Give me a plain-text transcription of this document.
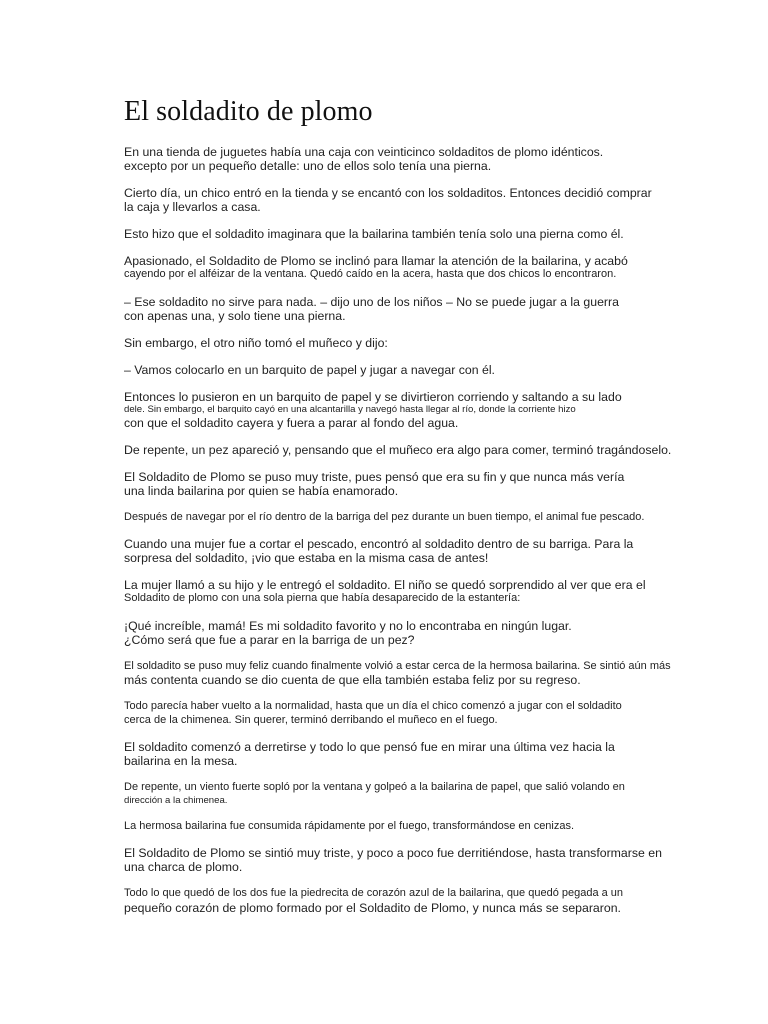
El soldadito de plomo
En una tienda de juguetes había una caja con veinticinco soldaditos de plomo idénticos.
excepto por un pequeño detalle: uno de ellos solo tenía una pierna.
Cierto día, un chico entró en la tienda y se encantó con los soldaditos. Entonces decidió comprar
la caja y llevarlos a casa.
Esto hizo que el soldadito imaginara que la bailarina también tenía solo una pierna como él.
Apasionado, el Soldadito de Plomo se inclinó para llamar la atención de la bailarina, y acabó
cayendo por el alféizar de la ventana. Quedó caído en la acera, hasta que dos chicos lo encontraron.
– Ese soldadito no sirve para nada. – dijo uno de los niños – No se puede jugar a la guerra
con apenas una, y solo tiene una pierna.
Sin embargo, el otro niño tomó el muñeco y dijo:
– Vamos colocarlo en un barquito de papel y jugar a navegar con él.
Entonces lo pusieron en un barquito de papel y se divirtieron corriendo y saltando a su lado
dele. Sin embargo, el barquito cayó en una alcantarilla y navegó hasta llegar al río, donde la corriente hizo
con que el soldadito cayera y fuera a parar al fondo del agua.
De repente, un pez apareció y, pensando que el muñeco era algo para comer, terminó tragándoselo.
El Soldadito de Plomo se puso muy triste, pues pensó que era su fin y que nunca más vería
una linda bailarina por quien se había enamorado.
Después de navegar por el río dentro de la barriga del pez durante un buen tiempo, el animal fue pescado.
Cuando una mujer fue a cortar el pescado, encontró al soldadito dentro de su barriga. Para la
sorpresa del soldadito, ¡vio que estaba en la misma casa de antes!
La mujer llamó a su hijo y le entregó el soldadito. El niño se quedó sorprendido al ver que era el
Soldadito de plomo con una sola pierna que había desaparecido de la estantería:
¡Qué increíble, mamá! Es mi soldadito favorito y no lo encontraba en ningún lugar.
¿Cómo será que fue a parar en la barriga de un pez?
El soldadito se puso muy feliz cuando finalmente volvió a estar cerca de la hermosa bailarina. Se sintió aún más
más contenta cuando se dio cuenta de que ella también estaba feliz por su regreso.
Todo parecía haber vuelto a la normalidad, hasta que un día el chico comenzó a jugar con el soldadito
cerca de la chimenea. Sin querer, terminó derribando el muñeco en el fuego.
El soldadito comenzó a derretirse y todo lo que pensó fue en mirar una última vez hacia la
bailarina en la mesa.
De repente, un viento fuerte sopló por la ventana y golpeó a la bailarina de papel, que salió volando en
dirección a la chimenea.
La hermosa bailarina fue consumida rápidamente por el fuego, transformándose en cenizas.
El Soldadito de Plomo se sintió muy triste, y poco a poco fue derritiéndose, hasta transformarse en
una charca de plomo.
Todo lo que quedó de los dos fue la piedrecita de corazón azul de la bailarina, que quedó pegada a un
pequeño corazón de plomo formado por el Soldadito de Plomo, y nunca más se separaron.
